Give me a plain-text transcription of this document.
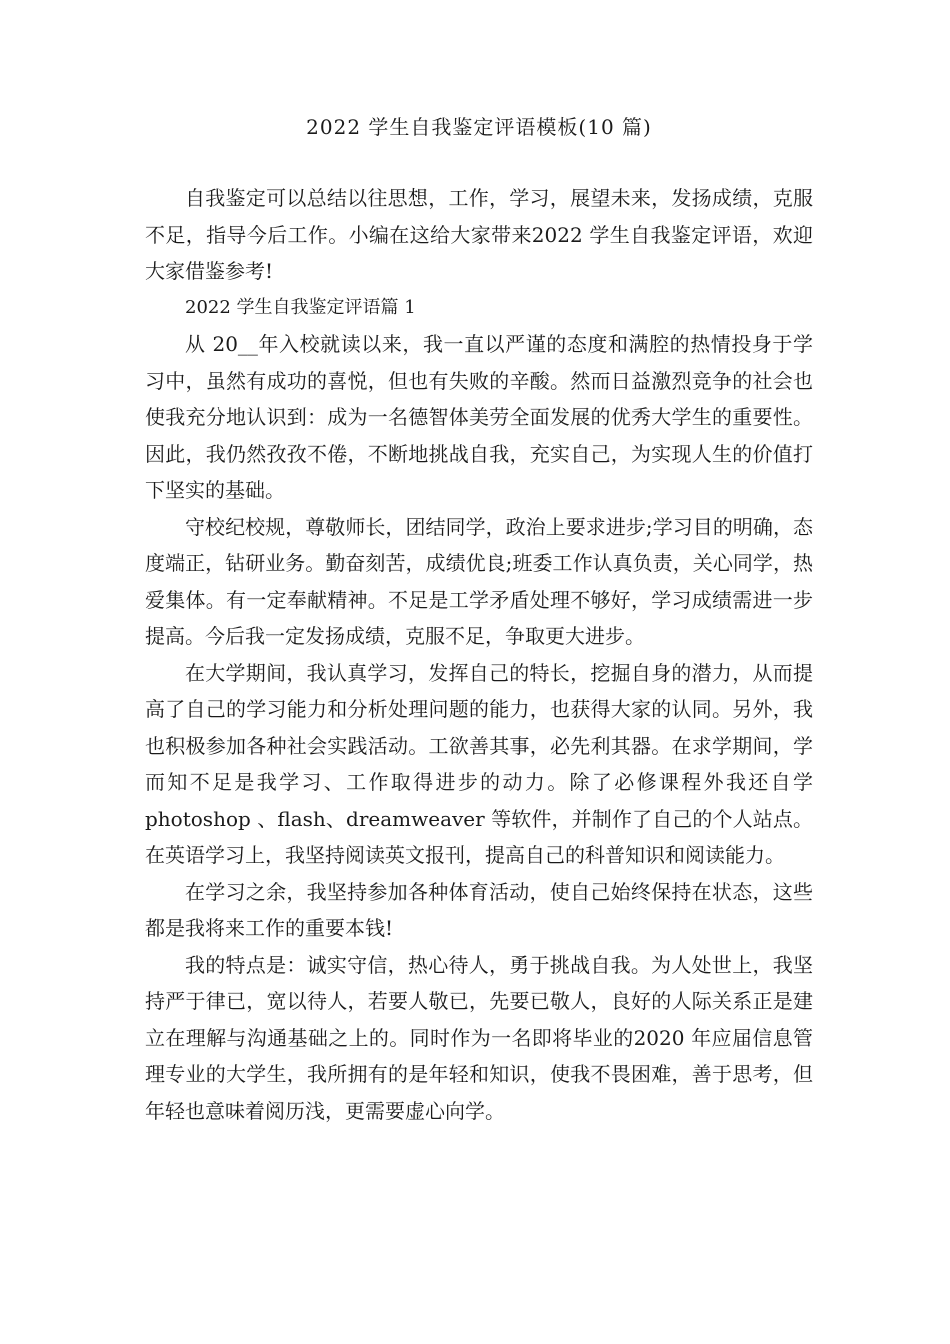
2022 学生自我鉴定评语模板(10 篇)

自我鉴定可以总结以往思想，工作，学习，展望未来，发扬成绩，克服不足，指导今后工作。小编在这给大家带来2022 学生自我鉴定评语，欢迎大家借鉴参考!

2022 学生自我鉴定评语篇 1

从 20__年入校就读以来，我一直以严谨的态度和满腔的热情投身于学习中，虽然有成功的喜悦，但也有失败的辛酸。然而日益激烈竞争的社会也使我充分地认识到：成为一名德智体美劳全面发展的优秀大学生的重要性。因此，我仍然孜孜不倦，不断地挑战自我，充实自己，为实现人生的价值打下坚实的基础。

守校纪校规，尊敬师长，团结同学，政治上要求进步;学习目的明确，态度端正，钻研业务。勤奋刻苦，成绩优良;班委工作认真负责，关心同学，热爱集体。有一定奉献精神。不足是工学矛盾处理不够好，学习成绩需进一步提高。今后我一定发扬成绩，克服不足，争取更大进步。

在大学期间，我认真学习，发挥自己的特长，挖掘自身的潜力，从而提高了自己的学习能力和分析处理问题的能力，也获得大家的认同。另外，我也积极参加各种社会实践活动。工欲善其事，必先利其器。在求学期间，学而知不足是我学习、工作取得进步的动力。除了必修课程外我还自学 photoshop 、flash、dreamweaver 等软件，并制作了自己的个人站点。在英语学习上，我坚持阅读英文报刊，提高自己的科普知识和阅读能力。

在学习之余，我坚持参加各种体育活动，使自己始终保持在状态，这些都是我将来工作的重要本钱!

我的特点是：诚实守信，热心待人，勇于挑战自我。为人处世上，我坚持严于律已，宽以待人，若要人敬已，先要已敬人，良好的人际关系正是建立在理解与沟通基础之上的。同时作为一名即将毕业的2020 年应届信息管理专业的大学生，我所拥有的是年轻和知识，使我不畏困难，善于思考，但年轻也意味着阅历浅，更需要虚心向学。
